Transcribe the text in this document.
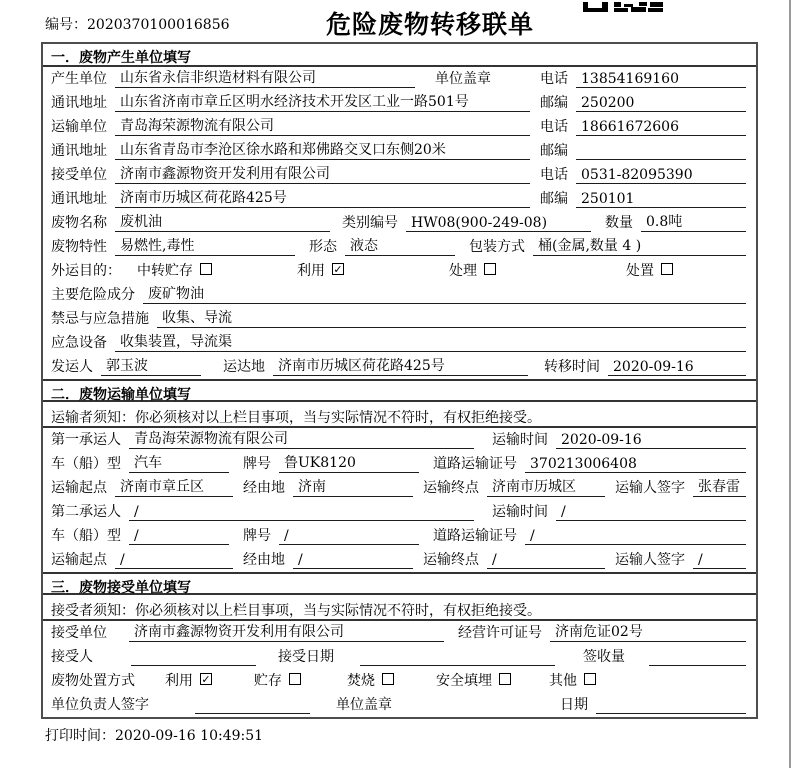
编号：2020370100016856	危险废物转移联单
一．废物产生单位填写
产生单位 山东省永信非织造材料有限公司	单位盖章	电话 13854169160
通讯地址 山东省济南市章丘区明水经济技术开发区工业一路501号	邮编 250200
运输单位 青岛海荣源物流有限公司	电话 18661672606
通讯地址 山东省青岛市李沧区徐水路和郑佛路交叉口东侧20米	邮编
接受单位 济南市鑫源物资开发利用有限公司	电话 0531-82095390
通讯地址 济南市历城区荷花路425号	邮编 250101
废物名称 废机油	类别编号 HW08(900-249-08)	数量 0.8吨
废物特性 易燃性,毒性	形态 液态	包装方式 桶(金属,数量 4 )
外运目的：	中转贮存	利用 ✓	处理	处置
主要危险成分 废矿物油
禁忌与应急措施 收集、导流
应急设备 收集装置，导流渠
发运人 郭玉波	运达地 济南市历城区荷花路425号	转移时间 2020-09-16
二．废物运输单位填写
运输者须知：你必须核对以上栏目事项，当与实际情况不符时，有权拒绝接受。
第一承运人 青岛海荣源物流有限公司	运输时间 2020-09-16
车（船）型 汽车	牌号 鲁UK8120	道路运输证号 370213006408
运输起点 济南市章丘区	经由地 济南	运输终点 济南市历城区	运输人签字 张春雷
第二承运人 /	运输时间 /
车（船）型 /	牌号 /	道路运输证号 /
运输起点 /	经由地 /	运输终点 /	运输人签字 /
三．废物接受单位填写
接受者须知：你必须核对以上栏目事项，当与实际情况不符时，有权拒绝接受。
接受单位	济南市鑫源物资开发利用有限公司	经营许可证号 济南危证02号
接受人	接受日期	签收量
废物处置方式	利用 ✓	贮存	焚烧	安全填埋	其他
单位负责人签字	单位盖章	日期
打印时间：2020-09-16 10:49:51
